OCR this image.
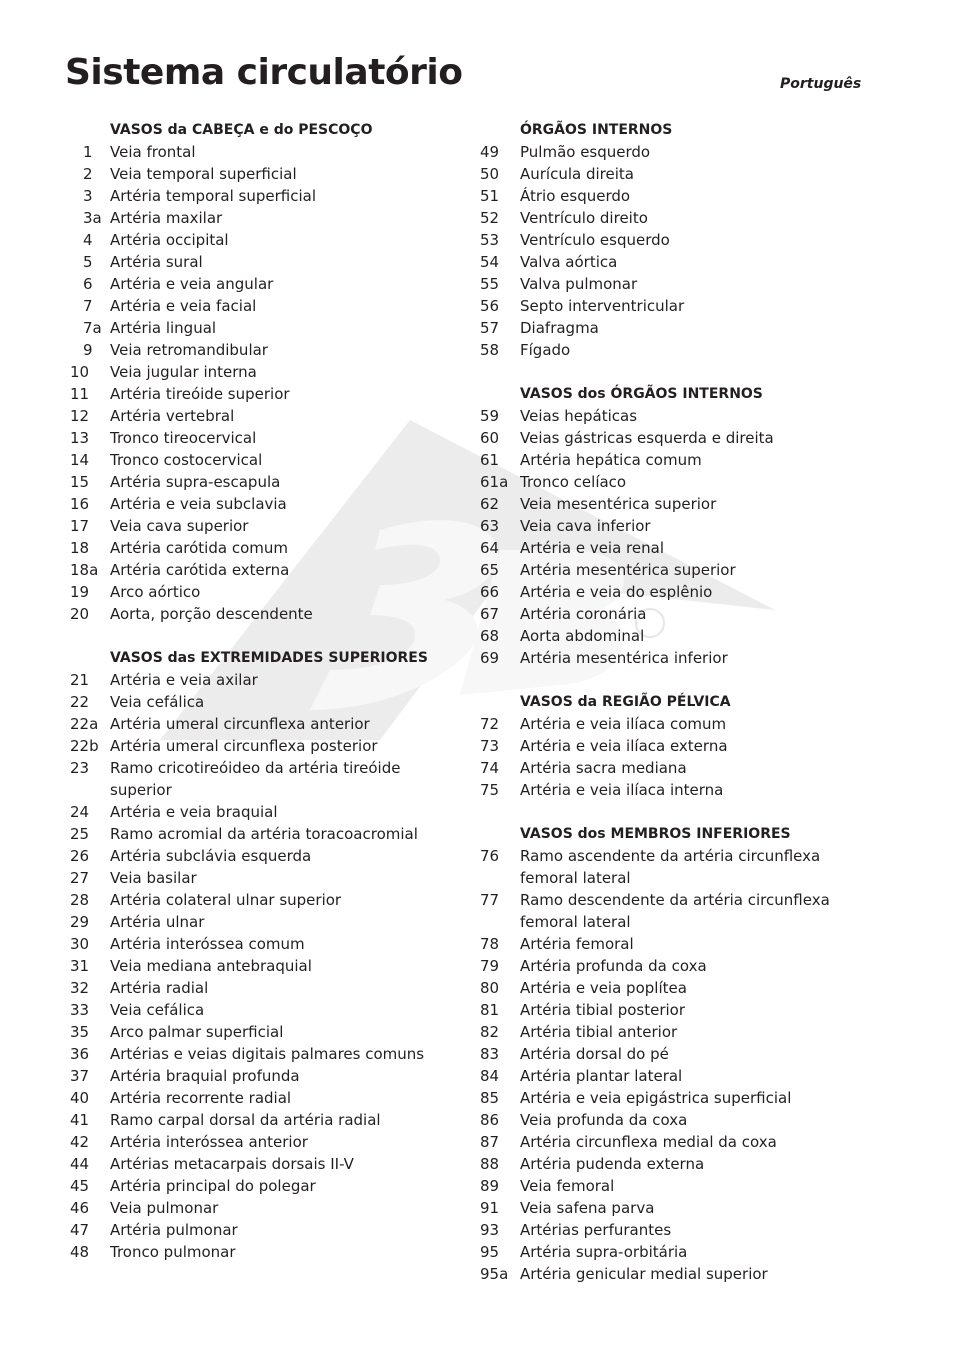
Sistema circulatório	Português
VASOS da CABEÇA e do PESCOÇO
1	Veia frontal
2	Veia temporal superficial
3	Artéria temporal superficial
3a Artéria maxilar
4	Artéria occipital
5	Artéria sural
6	Artéria e veia angular
7	Artéria e veia facial
7a Artéria lingual
9	Veia retromandibular
10	Veia jugular interna
11	Artéria tireóide superior
12	Artéria vertebral
13	Tronco tireocervical
14	Tronco costocervical
15	Artéria supra-escapula
16	Artéria e veia subclavia
17	Veia cava superior
18	Artéria carótida comum
18a Artéria carótida externa
19	Arco aórtico
20	Aorta, porção descendente
VASOS das EXTREMIDADES SUPERIORES
21	Artéria e veia axilar
22	Veia cefálica
22a Artéria umeral circunflexa anterior
22b Artéria umeral circunflexa posterior
23	Ramo cricotireóideo da artéria tireóide superior
24	Artéria e veia braquial
25	Ramo acromial da artéria toracoacromial
26	Artéria subclávia esquerda
27	Veia basilar
28	Artéria colateral ulnar superior
29	Artéria ulnar
30	Artéria interóssea comum
31	Veia mediana antebraquial
32	Artéria radial
33	Veia cefálica
35	Arco palmar superficial
36	Artérias e veias digitais palmares comuns
37	Artéria braquial profunda
40	Artéria recorrente radial
41	Ramo carpal dorsal da artéria radial
42	Artéria interóssea anterior
44	Artérias metacarpais dorsais II-V
45	Artéria principal do polegar
46	Veia pulmonar
47	Artéria pulmonar
48	Tronco pulmonar
ÓRGÃOS INTERNOS
49	Pulmão esquerdo
50	Aurícula direita
51	Átrio esquerdo
52	Ventrículo direito
53	Ventrículo esquerdo
54	Valva aórtica
55	Valva pulmonar
56	Septo interventricular
57	Diafragma
58	Fígado
VASOS dos ÓRGÃOS INTERNOS
59	Veias hepáticas
60	Veias gástricas esquerda e direita
61	Artéria hepática comum
61a Tronco celíaco
62	Veia mesentérica superior
63	Veia cava inferior
64	Artéria e veia renal
65	Artéria mesentérica superior
66	Artéria e veia do esplênio
67	Artéria coronária
68	Aorta abdominal
69	Artéria mesentérica inferior
VASOS da REGIÃO PÉLVICA
72	Artéria e veia ilíaca comum
73	Artéria e veia ilíaca externa
74	Artéria sacra mediana
75	Artéria e veia ilíaca interna
VASOS dos MEMBROS INFERIORES
76	Ramo ascendente da artéria circunflexa femoral lateral
77	Ramo descendente da artéria circunflexa femoral lateral
78	Artéria femoral
79	Artéria profunda da coxa
80	Artéria e veia poplítea
81	Artéria tibial posterior
82	Artéria tibial anterior
83	Artéria dorsal do pé
84	Artéria plantar lateral
85	Artéria e veia epigástrica superficial
86	Veia profunda da coxa
87	Artéria circunflexa medial da coxa
88	Artéria pudenda externa
89	Veia femoral
91	Veia safena parva
93	Artérias perfurantes
95	Artéria supra-orbitária
95a Artéria genicular medial superior
